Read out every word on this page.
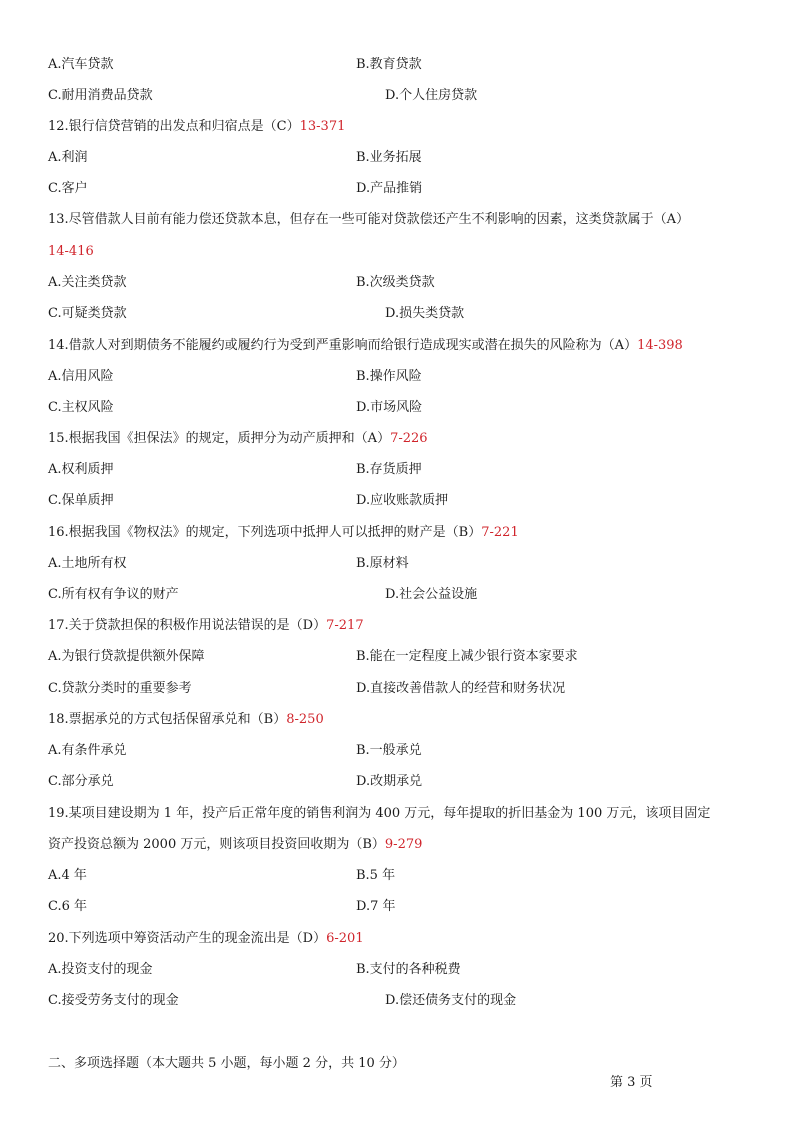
A.汽车贷款	B.教育贷款
C.耐用消费品贷款	D.个人住房贷款
12.银行信贷营销的出发点和归宿点是（C）13-371
A.利润	B.业务拓展
C.客户	D.产品推销
13.尽管借款人目前有能力偿还贷款本息，但存在一些可能对贷款偿还产生不利影响的因素，这类贷款属于（A）
14-416
A.关注类贷款	B.次级类贷款
C.可疑类贷款	D.损失类贷款
14.借款人对到期债务不能履约或履约行为受到严重影响而给银行造成现实或潜在损失的风险称为（A）14-398
A.信用风险	B.操作风险
C.主权风险	D.市场风险
15.根据我国《担保法》的规定，质押分为动产质押和（A）7-226
A.权利质押	B.存货质押
C.保单质押	D.应收账款质押
16.根据我国《物权法》的规定，下列选项中抵押人可以抵押的财产是（B）7-221
A.土地所有权	B.原材料
C.所有权有争议的财产	D.社会公益设施
17.关于贷款担保的积极作用说法错误的是（D）7-217
A.为银行贷款提供额外保障	B.能在一定程度上减少银行资本家要求
C.贷款分类时的重要参考	D.直接改善借款人的经营和财务状况
18.票据承兑的方式包括保留承兑和（B）8-250
A.有条件承兑	B.一般承兑
C.部分承兑	D.改期承兑
19.某项目建设期为 1 年，投产后正常年度的销售利润为 400 万元，每年提取的折旧基金为 100 万元，该项目固定
资产投资总额为 2000 万元，则该项目投资回收期为（B）9-279
A.4 年	B.5 年
C.6 年	D.7 年
20.下列选项中筹资活动产生的现金流出是（D）6-201
A.投资支付的现金	B.支付的各种税费
C.接受劳务支付的现金	D.偿还债务支付的现金
二、多项选择题（本大题共 5 小题，每小题 2 分，共 10 分）
第 3 页
